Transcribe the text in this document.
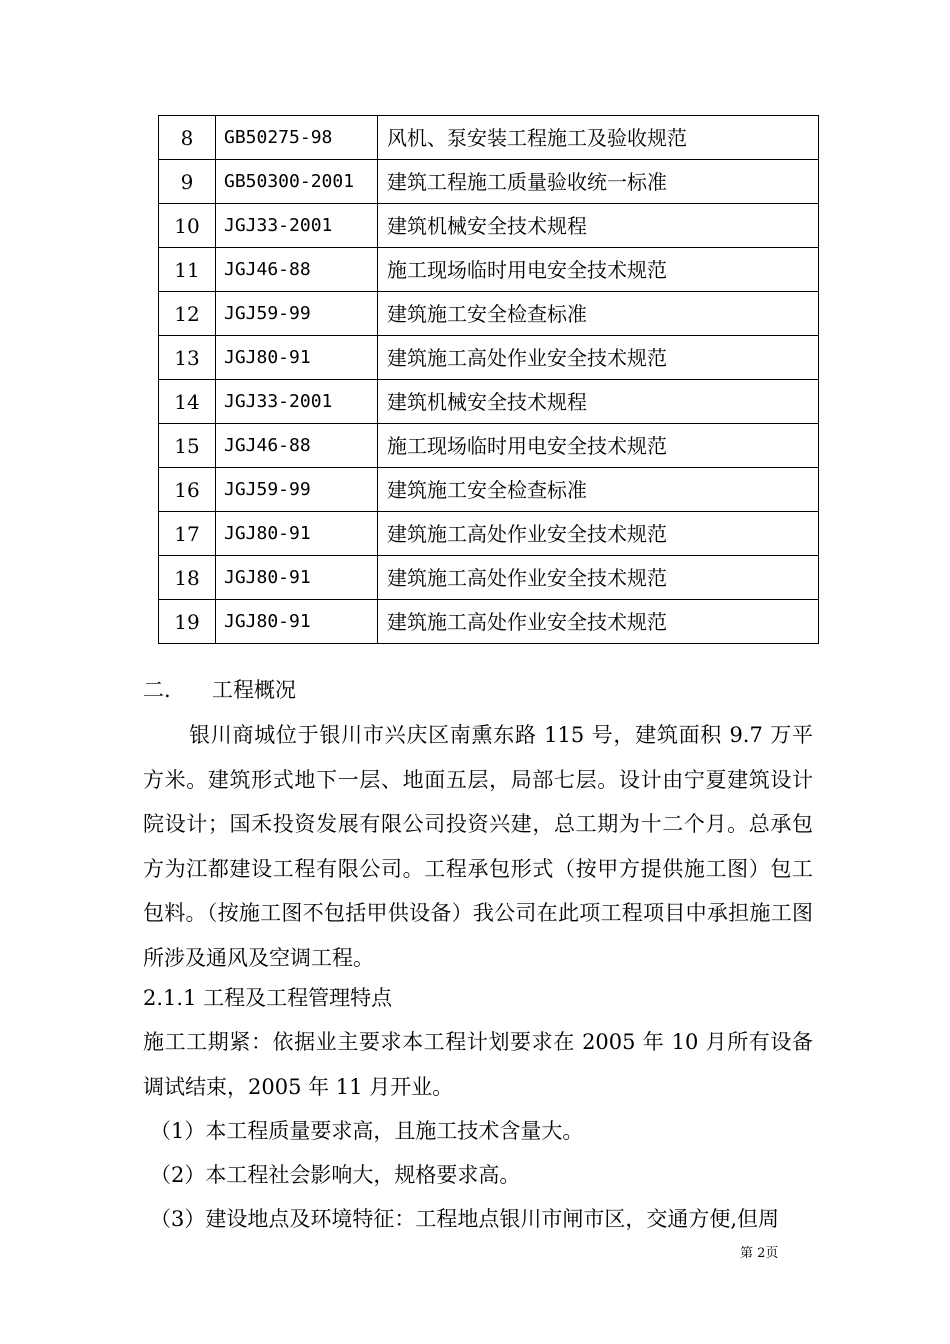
8	GB50275-98	风机、泵安装工程施工及验收规范
9	GB50300-2001	建筑工程施工质量验收统一标准
10	JGJ33-2001	建筑机械安全技术规程
11	JGJ46-88	施工现场临时用电安全技术规范
12	JGJ59-99	建筑施工安全检查标准
13	JGJ80-91	建筑施工高处作业安全技术规范
14	JGJ33-2001	建筑机械安全技术规程
15	JGJ46-88	施工现场临时用电安全技术规范
16	JGJ59-99	建筑施工安全检查标准
17	JGJ80-91	建筑施工高处作业安全技术规范
18	JGJ80-91	建筑施工高处作业安全技术规范
19	JGJ80-91	建筑施工高处作业安全技术规范
二. 工程概况
银川商城位于银川市兴庆区南熏东路 115 号，建筑面积 9.7 万平方米。建筑形式地下一层、地面五层，局部七层。设计由宁夏建筑设计院设计；国禾投资发展有限公司投资兴建，总工期为十二个月。总承包方为江都建设工程有限公司。工程承包形式（按甲方提供施工图）包工包料。（按施工图不包括甲供设备）我公司在此项工程项目中承担施工图所涉及通风及空调工程。
2.1.1 工程及工程管理特点
施工工期紧：依据业主要求本工程计划要求在 2005 年 10 月所有设备调试结束，2005 年 11 月开业。
（1）本工程质量要求高，且施工技术含量大。
（2）本工程社会影响大，规格要求高。
（3）建设地点及环境特征：工程地点银川市闸市区，交通方便,但周
第 2页
